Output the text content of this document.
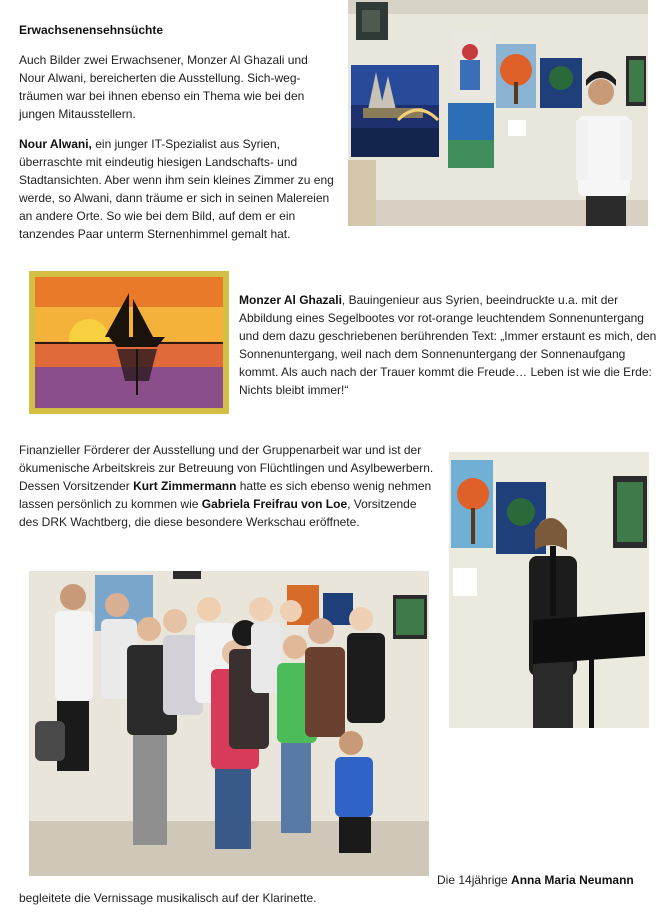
Erwachsenensehnsüchte

Auch Bilder zwei Erwachsener, Monzer Al Ghazali und Nour Alwani, bereicherten die Ausstellung. Sich-weg-träumen war bei ihnen ebenso ein Thema wie bei den jungen Mitausstellern.

Nour Alwani, ein junger IT-Spezialist aus Syrien, überraschte mit eindeutig hiesigen Landschafts- und Stadtansichten. Aber wenn ihm sein kleines Zimmer zu eng werde, so Alwani, dann träume er sich in seinen Malereien an andere Orte. So wie bei dem Bild, auf dem er ein tanzendes Paar unterm Sternenhimmel gemalt hat.

Monzer Al Ghazali, Bauingenieur aus Syrien, beeindruckte u.a. mit der Abbildung eines Segelbootes vor rot-orange leuchtendem Sonnenuntergang und dem dazu geschriebenen berührenden Text: „Immer erstaunt es mich, den Sonnenuntergang, weil nach dem Sonnenuntergang der Sonnenaufgang kommt. Als auch nach der Trauer kommt die Freude… Leben ist wie die Erde: Nichts bleibt immer!“

Finanzieller Förderer der Ausstellung und der Gruppenarbeit war und ist der ökumenische Arbeitskreis zur Betreuung von Flüchtlingen und Asylbewerbern. Dessen Vorsitzender Kurt Zimmermann hatte es sich ebenso wenig nehmen lassen persönlich zu kommen wie Gabriela Freifrau von Loe, Vorsitzende des DRK Wachtberg, die diese besondere Werkschau eröffnete.

Die 14jährige Anna Maria Neumann

begleitete die Vernissage musikalisch auf der Klarinette.
